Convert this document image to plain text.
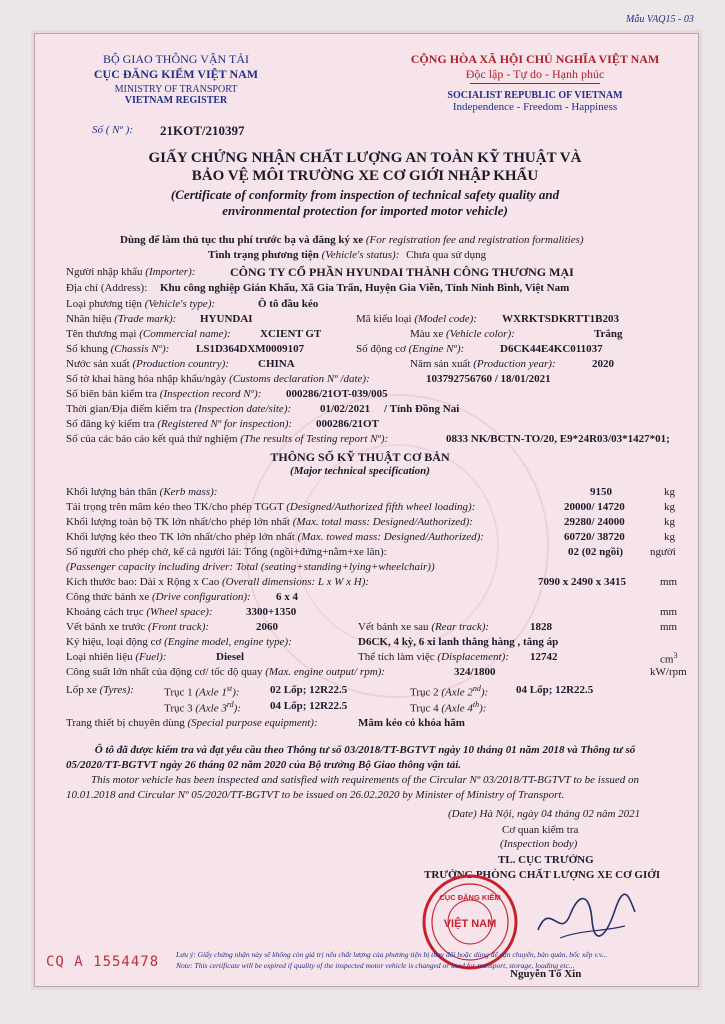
Mẫu VAQ15 - 03
BỘ GIAO THÔNG VẬN TẢI
CỤC ĐĂNG KIỂM VIỆT NAM
MINISTRY OF TRANSPORT
VIETNAM REGISTER
CỘNG HÒA XÃ HỘI CHỦ NGHĨA VIỆT NAM
Độc lập - Tự do - Hạnh phúc
SOCIALIST REPUBLIC OF VIETNAM
Independence - Freedom - Happiness
Số ( Nº ): 21KOT/210397
GIẤY CHỨNG NHẬN CHẤT LƯỢNG AN TOÀN KỸ THUẬT VÀ
BẢO VỆ MÔI TRƯỜNG XE CƠ GIỚI NHẬP KHẨU
(Certificate of conformity from inspection of technical safety quality and
environmental protection for imported motor vehicle)
Dùng để làm thủ tục thu phí trước bạ và đăng ký xe (For registration fee and registration formalities)
Tình trạng phương tiện (Vehicle's status): Chưa qua sử dụng
Người nhập khẩu (Importer):	CÔNG TY CỔ PHẦN HYUNDAI THÀNH CÔNG THƯƠNG MẠI
Địa chỉ (Address): Khu công nghiệp Gián Khẩu, Xã Gia Trấn, Huyện Gia Viễn, Tỉnh Ninh Bình, Việt Nam
Loại phương tiện (Vehicle's type):	Ô tô đầu kéo
Nhãn hiệu (Trade mark): HYUNDAI	Mã kiểu loại (Model code): WXRKTSDKRTT1B203
Tên thương mại (Commercial name):	XCIENT GT	Màu xe (Vehicle color):	Trắng
Số khung (Chassis Nº): LS1D364DXM0009107	Số động cơ (Engine Nº):	D6CK44E4KC011037
Nước sản xuất (Production country):	CHINA	Năm sản xuất (Production year):	2020
Số tờ khai hàng hóa nhập khẩu/ngày (Customs declaration Nº /date):	103792756760 / 18/01/2021
Số biên bản kiểm tra (Inspection record Nº): 000286/21OT-039/005
Thời gian/Địa điểm kiểm tra (Inspection date/site):	01/02/2021 / Tỉnh Đồng Nai
Số đăng ký kiểm tra (Registered Nº for inspection): 000286/21OT
Số của các báo cáo kết quả thử nghiệm (The results of Testing report Nº):	0833 NK/BCTN-TO/20, E9*24R03/03*1427*01;
THÔNG SỐ KỸ THUẬT CƠ BẢN
(Major technical specification)
Khối lượng bản thân (Kerb mass):	9150	kg
Tải trọng trên mâm kéo theo TK/cho phép TGGT (Designed/Authorized fifth wheel loading):	20000/ 14720	kg
Khối lượng toàn bộ TK lớn nhất/cho phép lớn nhất (Max. total mass: Designed/Authorized):	29280/ 24000	kg
Khối lượng kéo theo TK lớn nhất/cho phép lớn nhất (Max. towed mass: Designed/Authorized):	60720/ 38720	kg
Số người cho phép chở, kể cả người lái: Tổng (ngồi+đứng+nằm+xe lăn):	02 (02 ngồi) người
(Passenger capacity including driver: Total (seating+standing+lying+wheelchair))
Kích thước bao: Dài x Rộng x Cao (Overall dimensions: L x W x H):	7090 x 2490 x 3415	mm
Công thức bánh xe (Drive configuration): 6 x 4
Khoảng cách trục (Wheel space):	3300+1350	mm
Vết bánh xe trước (Front track):	2060	Vết bánh xe sau (Rear track):	1828	mm
Ký hiệu, loại động cơ (Engine model, engine type):	D6CK, 4 kỳ, 6 xi lanh thẳng hàng , tăng áp
Loại nhiên liệu (Fuel):	Diesel	Thể tích làm việc (Displacement): 12742	$cm^3$
Công suất lớn nhất của động cơ/ tốc độ quay (Max. engine output/ rpm):	324/1800	kW/rpm
Lốp xe (Tyres):	Trục 1 (Axle 1st):	02 Lốp; 12R22.5	Trục 2 (Axle 2nd):	04 Lốp; 12R22.5
Trục 3 (Axle 3rd):	04 Lốp; 12R22.5	Trục 4 (Axle 4th):
Trang thiết bị chuyên dùng (Special purpose equipment):	Mâm kéo có khóa hãm
Ô tô đã được kiểm tra và đạt yêu cầu theo Thông tư số 03/2018/TT-BGTVT ngày 10 tháng 01 năm 2018 và Thông tư số
05/2020/TT-BGTVT ngày 26 tháng 02 năm 2020 của Bộ trưởng Bộ Giao thông vận tải.
This motor vehicle has been inspected and satisfied with requirements of the Circular Nº 03/2018/TT-BGTVT to be issued on
10.01.2018 and Circular Nº 05/2020/TT-BGTVT to be issued on 26.02.2020 by Minister of Ministry of Transport.
(Date) Hà Nội, ngày 04 tháng 02 năm 2021
Cơ quan kiểm tra
(Inspection body)
TL. CỤC TRƯỞNG
TRƯỞNG PHÒNG CHẤT LƯỢNG XE CƠ GIỚI
CỤC ĐĂNG KIỂM
VIỆT NAM
Nguyễn Tố Xin
CQ A 1554478 Lưu ý: Giấy chứng nhận này sẽ không còn giá trị nếu chất lượng của phương tiện bị thay đổi hoặc dùng để vận chuyển, bảo quản, bốc xếp v.v...
Note: This certificate will be expired if quality of the inspected motor vehicle is changed or used for transport, storage, loading etc...
